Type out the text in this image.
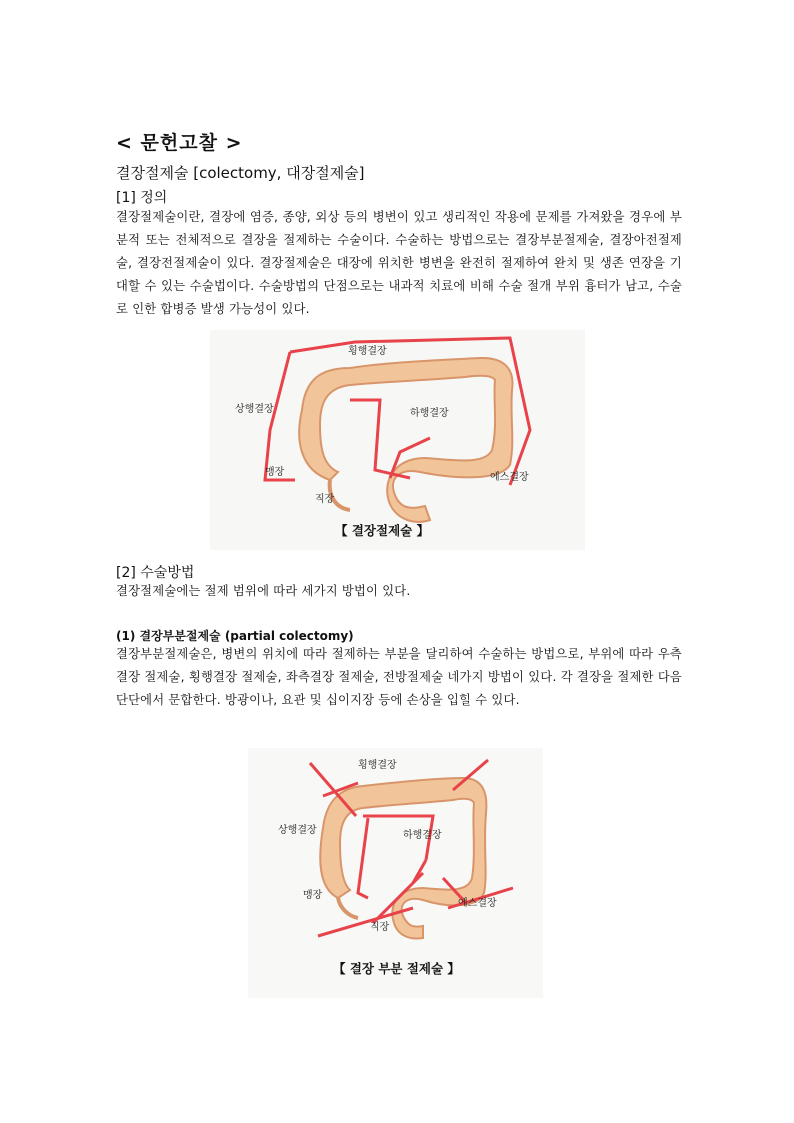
< 문헌고찰 >
결장절제술 [colectomy, 대장절제술]
[1] 정의
결장절제술이란, 결장에 염증, 종양, 외상 등의 병변이 있고 생리적인 작용에 문제를 가져왔을 경우에 부분적 또는 전체적으로 결장을 절제하는 수술이다. 수술하는 방법으로는 결장부분절제술, 결장아전절제술, 결장전절제술이 있다. 결장절제술은 대장에 위치한 병변을 완전히 절제하여 완치 및 생존 연장을 기대할 수 있는 수술법이다. 수술방법의 단점으로는 내과적 치료에 비해 수술 절개 부위 흉터가 남고, 수술로 인한 합병증 발생 가능성이 있다.
횡행결장
상행결장	하행결장
맹장	에스결장
직장
【 결장절제술 】
[2] 수술방법
결장절제술에는 절제 범위에 따라 세가지 방법이 있다.
(1) 결장부분절제술 (partial colectomy)
결장부분절제술은, 병변의 위치에 따라 절제하는 부분을 달리하여 수술하는 방법으로, 부위에 따라 우측결장 절제술, 횡행결장 절제술, 좌측결장 절제술, 전방절제술 네가지 방법이 있다. 각 결장을 절제한 다음 단단에서 문합한다. 방광이나, 요관 및 십이지장 등에 손상을 입힐 수 있다.
횡행결장
상행결장	하행결장
맹장
에스결장
직장
【 결장 부분 절제술 】
